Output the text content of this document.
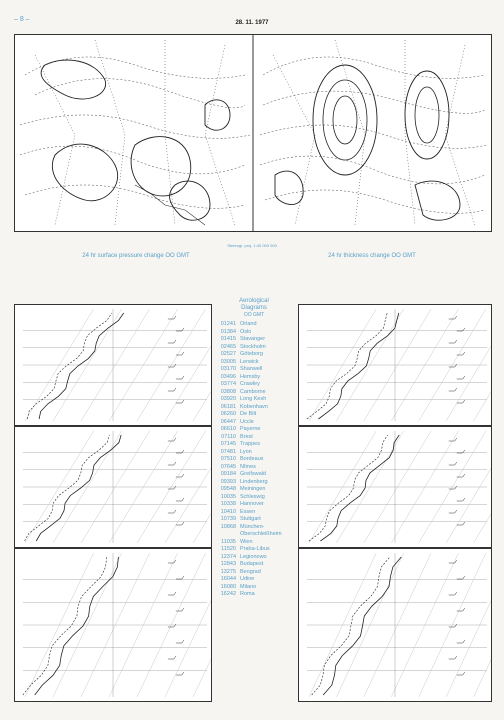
– 8 –	28. 11. 1977
Stereogr. proj. 1:40 000 000
24 hr surface pressure change OO GMT	24 hr thickness change OO GMT
Aerological
Diagrams
OO GMT
01241 Orland
01384 Oslo
01415 Stavanger
02465 Stockholm
02527 Göteborg
03005 Lerwick
03170 Shanwell
03496 Hemsby
03774 Crawley
03808 Camborne
03920 Long Kesh
06181 Kobenhavn
06260 De Bilt
06447 Uccle
06610 Payerne
07110 Brest
07145 Trappes
07481 Lyon
07510 Bordeaux
07645 Nîmes
09184 Greifswald
09393 Lindenberg
09548 Meiningen
10035 Schleswig
10338 Hannover
10410 Essen
10739 Stuttgart
10868 München-
Oberschleißheim
11035 Wien
11520 Praha-Libus
12374 Legionowo
12843 Budapest
13275 Beograd
16044 Udine
16080 Milano
16242 Roma
